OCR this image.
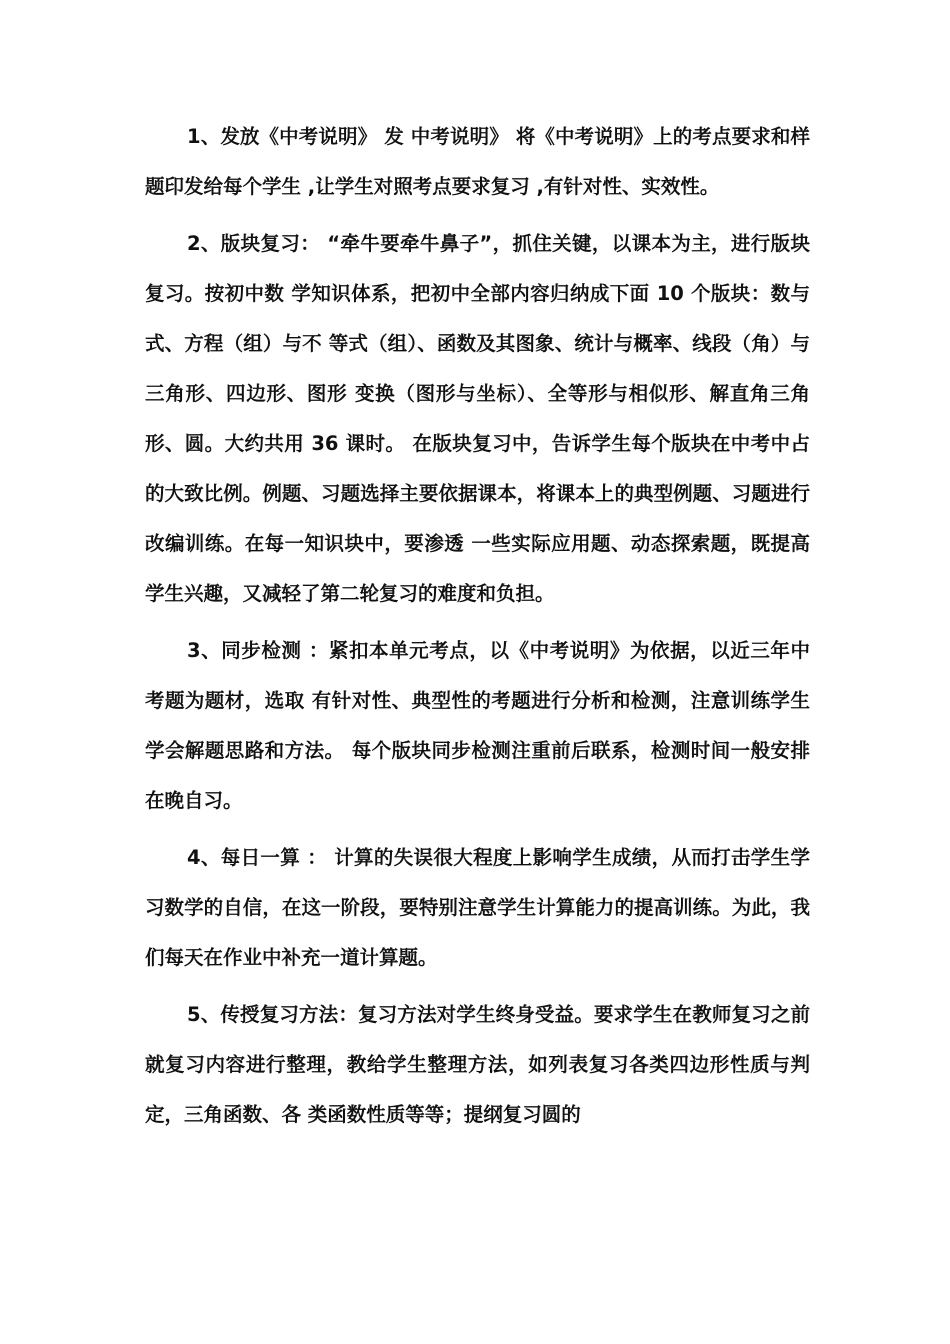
1、发放《中考说明》 发 中考说明》 将《中考说明》上的考点要求和样题印发给每个学生 ,让学生对照考点要求复习 ,有针对性、实效性。

2、版块复习： “牵牛要牵牛鼻子”，抓住关键，以课本为主，进行版块复习。按初中数 学知识体系，把初中全部内容归纳成下面 10 个版块：数与式、方程（组）与不 等式（组）、函数及其图象、统计与概率、线段（角）与三角形、四边形、图形 变换（图形与坐标）、全等形与相似形、解直角三角形、圆。大约共用 36 课时。 在版块复习中，告诉学生每个版块在中考中占的大致比例。例题、习题选择主要依据课本，将课本上的典型例题、习题进行改编训练。在每一知识块中，要渗透 一些实际应用题、动态探索题，既提高学生兴趣，又减轻了第二轮复习的难度和负担。

3、同步检测 ：紧扣本单元考点，以《中考说明》为依据，以近三年中考题为题材，选取 有针对性、典型性的考题进行分析和检测，注意训练学生学会解题思路和方法。 每个版块同步检测注重前后联系，检测时间一般安排在晚自习。

4、每日一算 ： 计算的失误很大程度上影响学生成绩，从而打击学生学习数学的自信，在这一阶段，要特别注意学生计算能力的提高训练。为此，我们每天在作业中补充一道计算题。

5、传授复习方法：复习方法对学生终身受益。要求学生在教师复习之前就复习内容进行整理，教给学生整理方法，如列表复习各类四边形性质与判定，三角函数、各 类函数性质等等；提纲复习圆的
